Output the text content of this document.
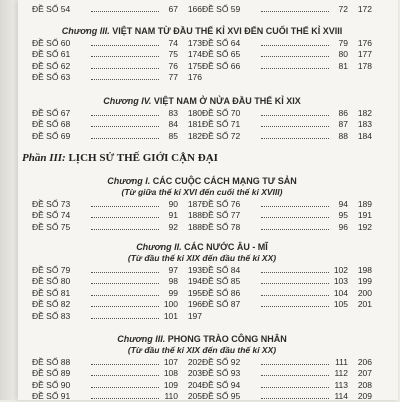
ĐỀ SỐ 54	67	166 ĐỀ SỐ 59	72	172
Chương III. VIỆT NAM TỪ ĐẦU THẾ KỈ XVI ĐẾN CUỐI THẾ KỈ XVIII
ĐỀ SỐ 60	74	173 ĐỀ SỐ 64	79	176
ĐỀ SỐ 61	75	174 ĐỀ SỐ 65	80	177
ĐỀ SỐ 62	76	175 ĐỀ SỐ 66	81	178
ĐỀ SỐ 63	77	176
Chương IV. VIỆT NAM Ở NỬA ĐẦU THẾ KỈ XIX
ĐỀ SỐ 67	83	180 ĐỀ SỐ 70	86	182
ĐỀ SỐ 68	84	181 ĐỀ SỐ 71	87	183
ĐỀ SỐ 69	85	182 ĐỀ SỐ 72	88	184
Phần III: LỊCH SỬ THẾ GIỚI CẬN ĐẠI
Chương I. CÁC CUỘC CÁCH MẠNG TƯ SẢN
(Từ giữa thế kỉ XVI đến cuối thế kỉ XVIII)
ĐỀ SỐ 73	90	187 ĐỀ SỐ 76	94	189
ĐỀ SỐ 74	91	188 ĐỀ SỐ 77	95	191
ĐỀ SỐ 75	92	188 ĐỀ SỐ 78	96	192
Chương II. CÁC NƯỚC ÂU - MĨ
(Từ đầu thế kỉ XIX đến đầu thế kỉ XX)
ĐỀ SỐ 79	97	193 ĐỀ SỐ 84	102	198
ĐỀ SỐ 80	98	194 ĐỀ SỐ 85	103	199
ĐỀ SỐ 81	99	195 ĐỀ SỐ 86	104	200
ĐỀ SỐ 82	100	196 ĐỀ SỐ 87	105	201
ĐỀ SỐ 83	101	197
Chương III. PHONG TRÀO CÔNG NHÂN
(Từ đầu thế kỉ XIX đến đầu thế kỉ XX)
ĐỀ SỐ 88	107	202 ĐỀ SỐ 92	111	206
ĐỀ SỐ 89	108	203 ĐỀ SỐ 93	112	207
ĐỀ SỐ 90	109	204 ĐỀ SỐ 94	113	208
ĐỀ SỐ 91	110	205 ĐỀ SỐ 95	114	209
